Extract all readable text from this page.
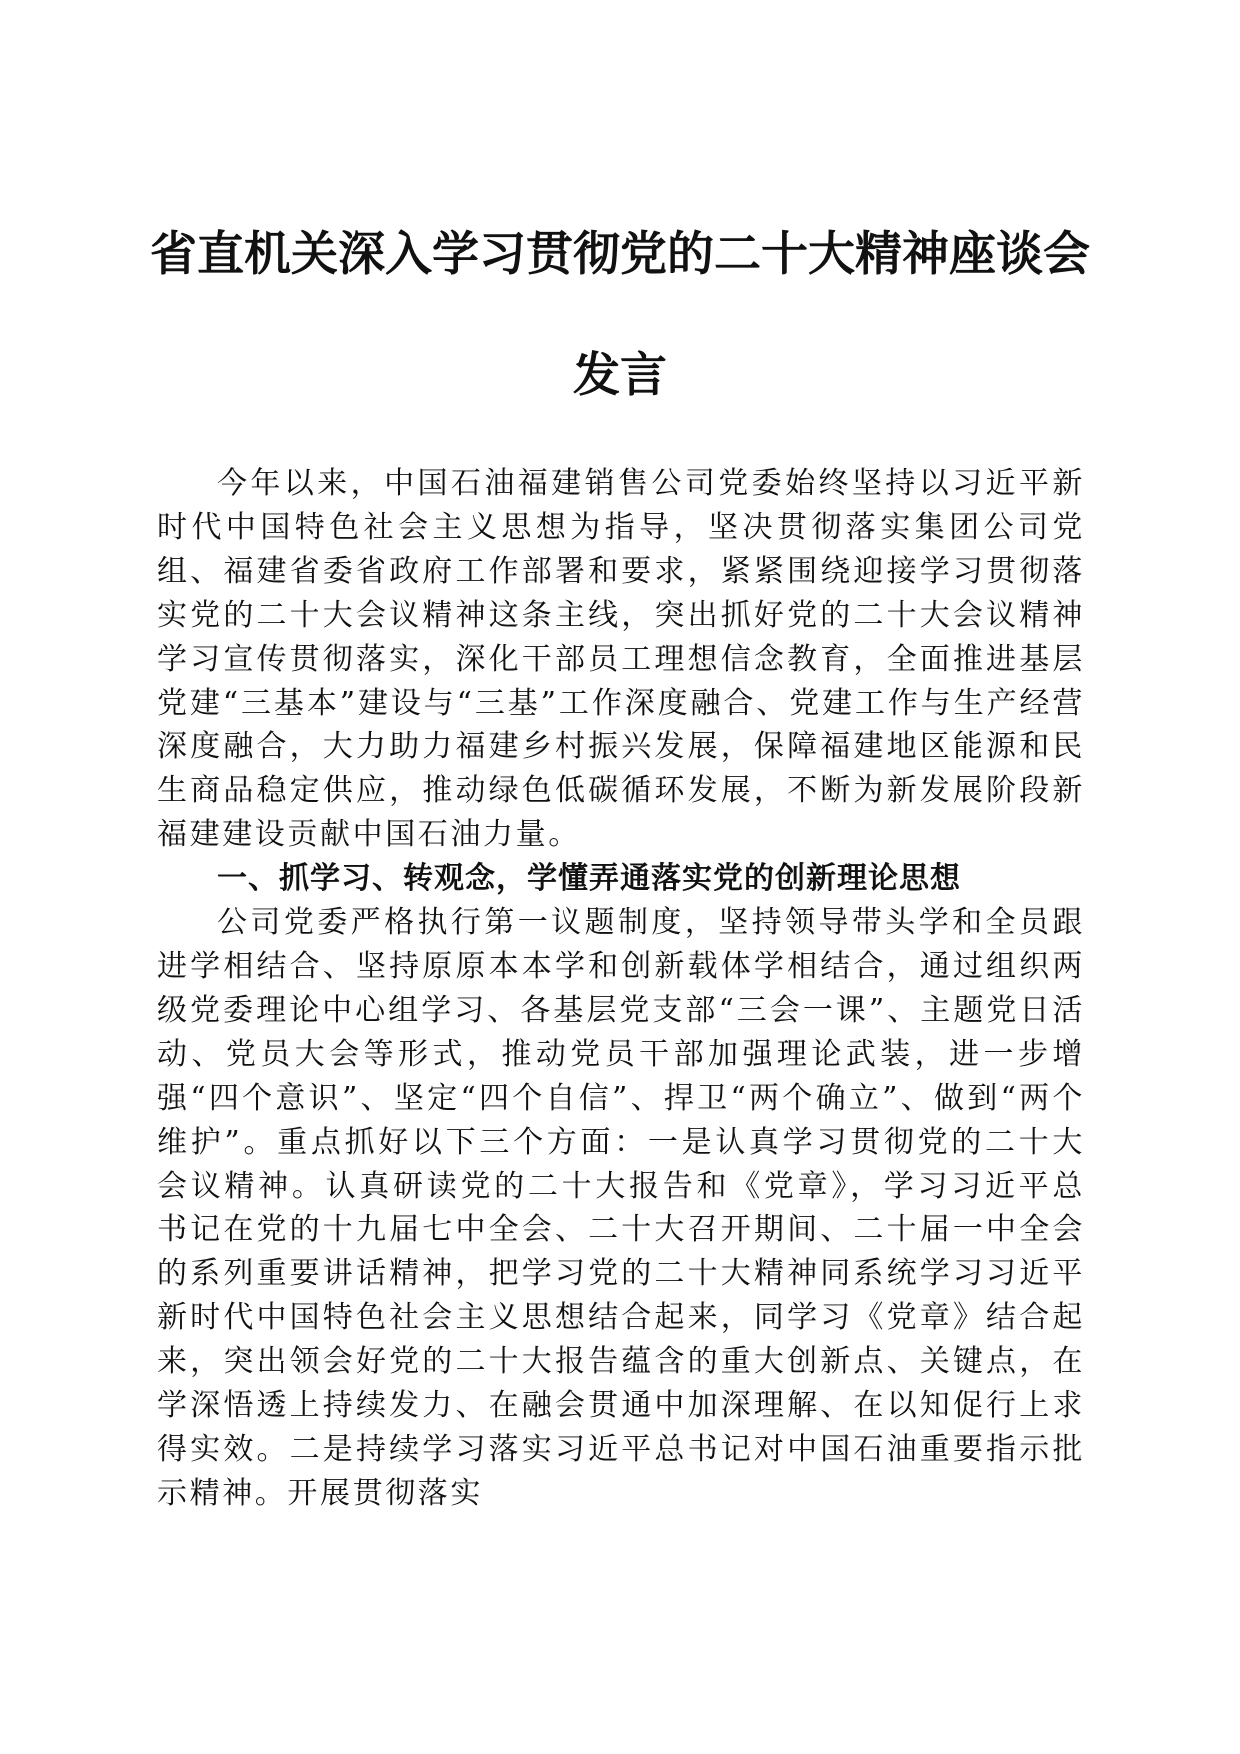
省直机关深入学习贯彻党的二十大精神座谈会
发言

今年以来，中国石油福建销售公司党委始终坚持以习近平新时代中国特色社会主义思想为指导，坚决贯彻落实集团公司党组、福建省委省政府工作部署和要求，紧紧围绕迎接学习贯彻落实党的二十大会议精神这条主线，突出抓好党的二十大会议精神学习宣传贯彻落实，深化干部员工理想信念教育，全面推进基层党建“三基本”建设与“三基”工作深度融合、党建工作与生产经营深度融合，大力助力福建乡村振兴发展，保障福建地区能源和民生商品稳定供应，推动绿色低碳循环发展，不断为新发展阶段新福建建设贡献中国石油力量。

一、抓学习、转观念，学懂弄通落实党的创新理论思想

公司党委严格执行第一议题制度，坚持领导带头学和全员跟进学相结合、坚持原原本本学和创新载体学相结合，通过组织两级党委理论中心组学习、各基层党支部“三会一课”、主题党日活动、党员大会等形式，推动党员干部加强理论武装，进一步增强“四个意识”、坚定“四个自信”、捍卫“两个确立”、做到“两个维护”。重点抓好以下三个方面：一是认真学习贯彻党的二十大会议精神。认真研读党的二十大报告和《党章》，学习习近平总书记在党的十九届七中全会、二十大召开期间、二十届一中全会的系列重要讲话精神，把学习党的二十大精神同系统学习习近平新时代中国特色社会主义思想结合起来，同学习《党章》结合起来，突出领会好党的二十大报告蕴含的重大创新点、关键点，在学深悟透上持续发力、在融会贯通中加深理解、在以知促行上求得实效。二是持续学习落实习近平总书记对中国石油重要指示批示精神。开展贯彻落实
